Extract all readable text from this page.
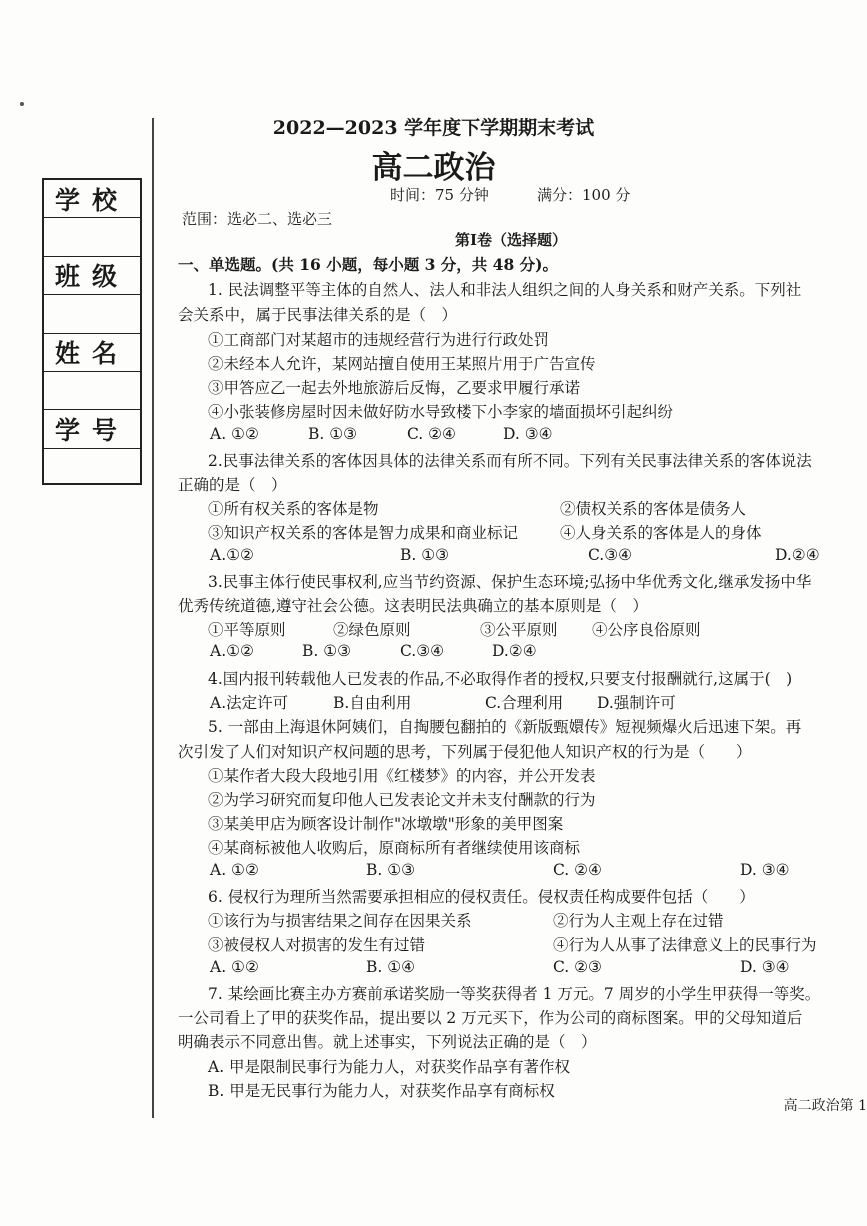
学校
班级
姓名
学号
2022—2023 学年度下学期期末考试
高二政治
时间：75 分钟	满分：100 分
范围：选必二、选必三
第Ⅰ卷（选择题）
一、单选题。(共 16 小题，每小题 3 分，共 48 分)。
1. 民法调整平等主体的自然人、法人和非法人组织之间的人身关系和财产关系。下列社
会关系中，属于民事法律关系的是（　）
①工商部门对某超市的违规经营行为进行行政处罚
②未经本人允许，某网站擅自使用王某照片用于广告宣传
③甲答应乙一起去外地旅游后反悔，乙要求甲履行承诺
④小张装修房屋时因未做好防水导致楼下小李家的墙面损坏引起纠纷
A. ①②	B. ①③	C. ②④	D. ③④
2.民事法律关系的客体因具体的法律关系而有所不同。下列有关民事法律关系的客体说法
正确的是（　）
①所有权关系的客体是物	②债权关系的客体是债务人
③知识产权关系的客体是智力成果和商业标记	④人身关系的客体是人的身体
A.①②	B. ①③	C.③④	D.②④
3.民事主体行使民事权利,应当节约资源、保护生态环境;弘扬中华优秀文化,继承发扬中华
优秀传统道德,遵守社会公德。这表明民法典确立的基本原则是（　）
①平等原则	②绿色原则	③公平原则 ④公序良俗原则
A.①②	B. ①③	C.③④	D.②④
4.国内报刊转载他人已发表的作品,不必取得作者的授权,只要支付报酬就行,这属于(　)
A.法定许可	B.自由利用	C.合理利用 D.强制许可
5. 一部由上海退休阿姨们，自掏腰包翻拍的《新版甄嬛传》短视频爆火后迅速下架。再
次引发了人们对知识产权问题的思考，下列属于侵犯他人知识产权的行为是（　　）
①某作者大段大段地引用《红楼梦》的内容，并公开发表
②为学习研究而复印他人已发表论文并未支付酬款的行为
③某美甲店为顾客设计制作"冰墩墩"形象的美甲图案
④某商标被他人收购后，原商标所有者继续使用该商标
A. ①②	B. ①③	C. ②④	D. ③④
6. 侵权行为理所当然需要承担相应的侵权责任。侵权责任构成要件包括（　　）
①该行为与损害结果之间存在因果关系	②行为人主观上存在过错
③被侵权人对损害的发生有过错	④行为人从事了法律意义上的民事行为
A. ①②	B. ①④	C. ②③	D. ③④
7. 某绘画比赛主办方赛前承诺奖励一等奖获得者 1 万元。7 周岁的小学生甲获得一等奖。
一公司看上了甲的获奖作品，提出要以 2 万元买下，作为公司的商标图案。甲的父母知道后
明确表示不同意出售。就上述事实，下列说法正确的是（　）
A. 甲是限制民事行为能力人，对获奖作品享有著作权
B. 甲是无民事行为能力人，对获奖作品享有商标权
高二政治第 1
